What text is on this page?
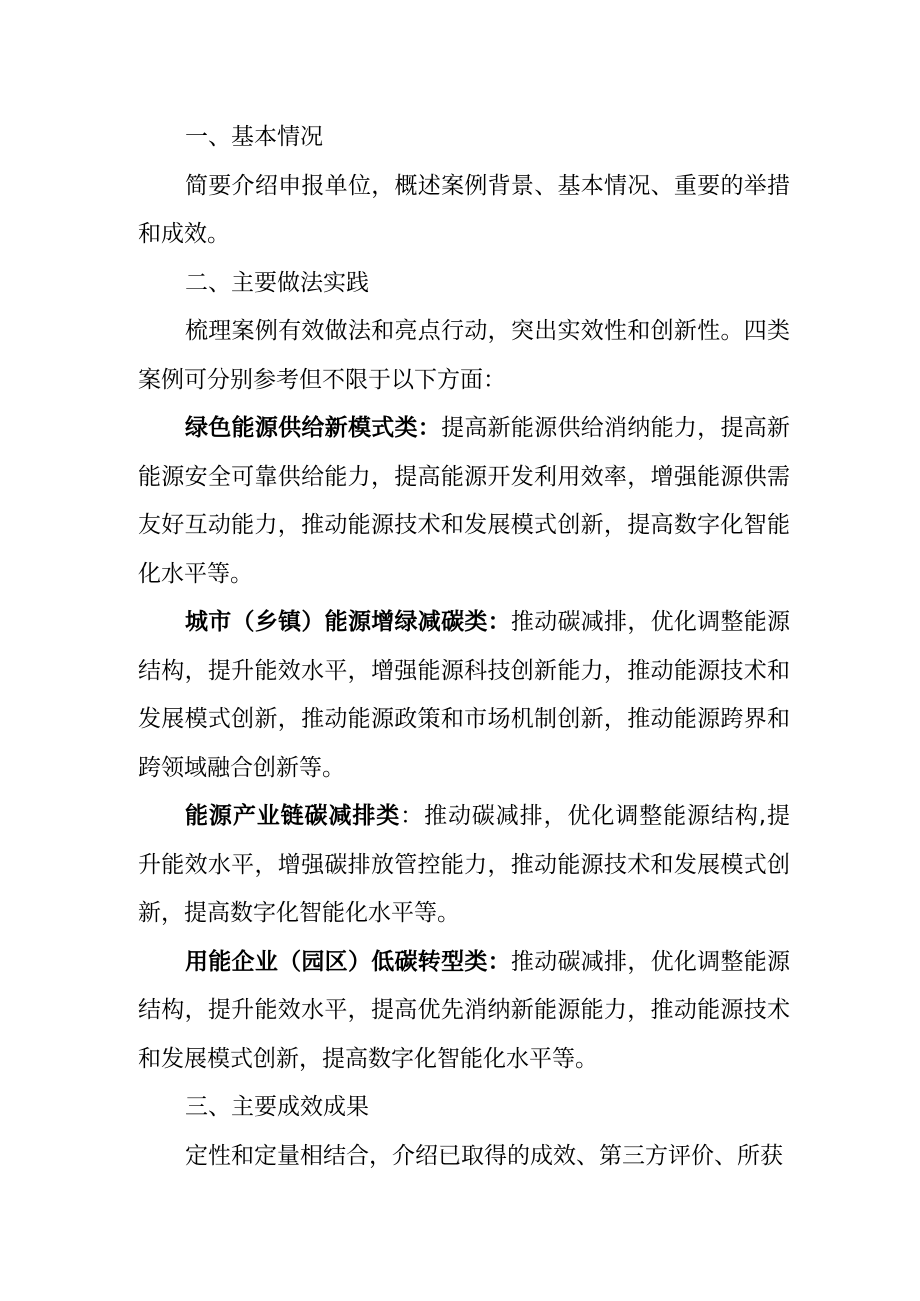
一、基本情况

简要介绍申报单位，概述案例背景、基本情况、重要的举措和成效。

二、主要做法实践

梳理案例有效做法和亮点行动，突出实效性和创新性。四类案例可分别参考但不限于以下方面：

绿色能源供给新模式类：提高新能源供给消纳能力，提高新能源安全可靠供给能力，提高能源开发利用效率，增强能源供需友好互动能力，推动能源技术和发展模式创新，提高数字化智能化水平等。

城市（乡镇）能源增绿减碳类：推动碳减排，优化调整能源结构，提升能效水平，增强能源科技创新能力，推动能源技术和发展模式创新，推动能源政策和市场机制创新，推动能源跨界和跨领域融合创新等。

能源产业链碳减排类：推动碳减排，优化调整能源结构,提升能效水平，增强碳排放管控能力，推动能源技术和发展模式创新，提高数字化智能化水平等。

用能企业（园区）低碳转型类：推动碳减排，优化调整能源结构，提升能效水平，提高优先消纳新能源能力，推动能源技术和发展模式创新，提高数字化智能化水平等。

三、主要成效成果

定性和定量相结合，介绍已取得的成效、第三方评价、所获
